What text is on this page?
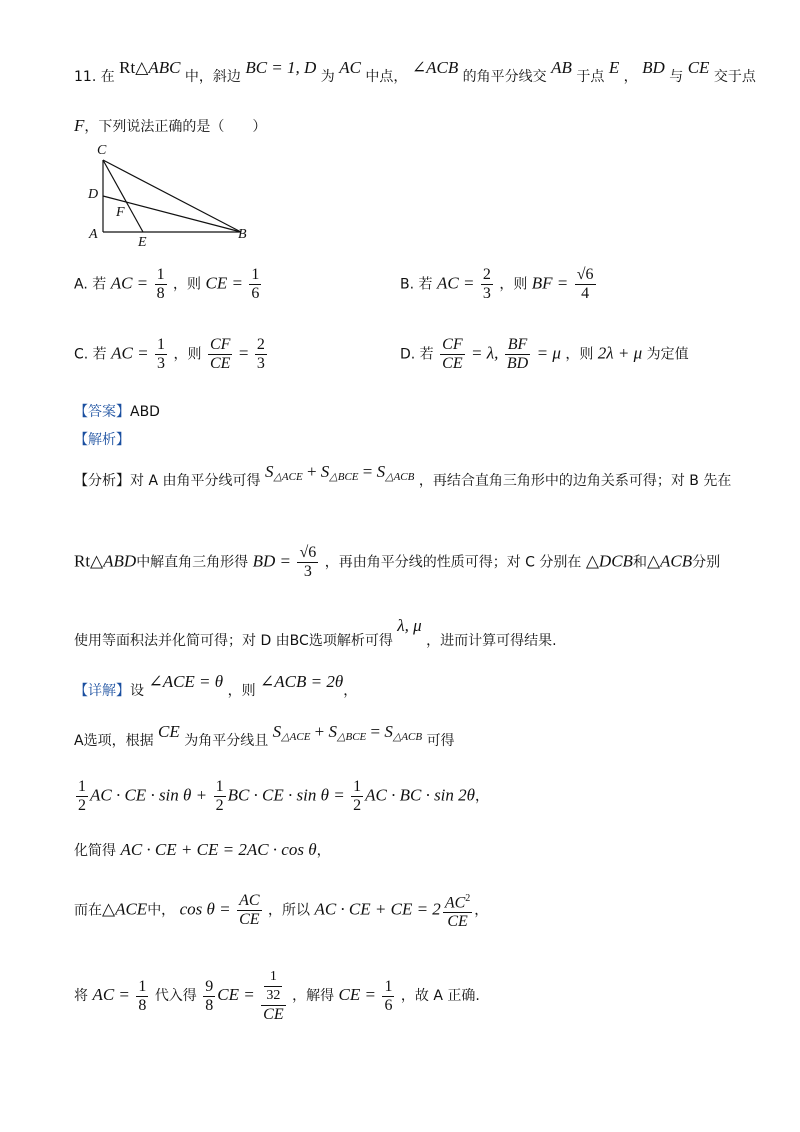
11. 在 Rt△ABC 中，斜边 BC = 1, D 为 AC 中点， ∠ACB 的角平分线交 AB 于点 E ， BD 与 CE 交于点
F，下列说法正确的是（　　）
C
D
F
A
E
B
A. 若 AC = $\frac{1}{8}$ ，则 CE = $\frac{1}{6}$	B. 若 AC = $\frac{2}{3}$ ，则 BF = $\frac{√6}{4}$
C. 若 AC = $\frac{1}{3}$ ，则 $\frac{CF}{CE} = \frac{2}{3}$	D. 若 $\frac{CF}{CE} = \lambda$, $\frac{BF}{BD} = \mu$ ，则 2λ + μ 为定值
【答案】ABD
【解析】
【分析】对 A 由角平分线可得 $S_{\triangle ACE} + S_{\triangle BCE} = S_{\triangle ACB}$ ，再结合直角三角形中的边角关系可得；对 B 先在
Rt△ABD中解直角三角形得 BD = $\frac{√6}{3}$ ，再由角平分线的性质可得；对 C 分别在 △DCB和△ACB分别
使用等面积法并化简可得；对 D 由BC选项解析可得 λ, μ ，进而计算可得结果.
【详解】设 ∠ACE = θ ，则 ∠ACB = 2θ，
A选项，根据 CE 为角平分线且 $S_{\triangle ACE} + S_{\triangle BCE} = S_{\triangle ACB}$ 可得
$\frac{1}{2}$ AC · CE · $\sin \theta + \frac{1}{2}$ BC · CE · $\sin \theta = \frac{1}{2}$ AC · BC · sin 2θ，
化简得 AC · CE + CE = 2AC · cos θ，
而在△ACE中， $\cos \theta = \frac{AC}{CE}$ ，所以 AC · CE + CE = $2 \frac{AC^2}{CE}$ ，
将 AC = $\frac{1}{8}$ 代入得 $\frac{9}{8}$ CE = $\frac{\frac{1}{32}}{CE}$ ，解得 CE = $\frac{1}{6}$ ，故 A 正确.
